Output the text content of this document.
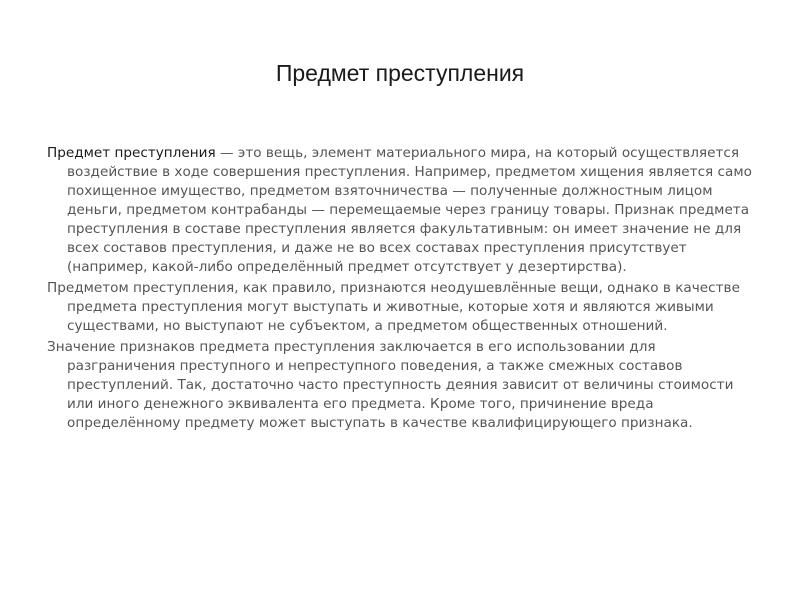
Предмет преступления

Предмет преступления — это вещь, элемент материального мира, на который осуществляется воздействие в ходе совершения преступления. Например, предметом хищения является само похищенное имущество, предметом взяточничества — полученные должностным лицом деньги, предметом контрабанды — перемещаемые через границу товары. Признак предмета преступления в составе преступления является факультативным: он имеет значение не для всех составов преступления, и даже не во всех составах преступления присутствует (например, какой-либо определённый предмет отсутствует у дезертирства).

Предметом преступления, как правило, признаются неодушевлённые вещи, однако в качестве предмета преступления могут выступать и животные, которые хотя и являются живыми существами, но выступают не субъектом, а предметом общественных отношений.

Значение признаков предмета преступления заключается в его использовании для разграничения преступного и непреступного поведения, а также смежных составов преступлений. Так, достаточно часто преступность деяния зависит от величины стоимости или иного денежного эквивалента его предмета. Кроме того, причинение вреда определённому предмету может выступать в качестве квалифицирующего признака.
